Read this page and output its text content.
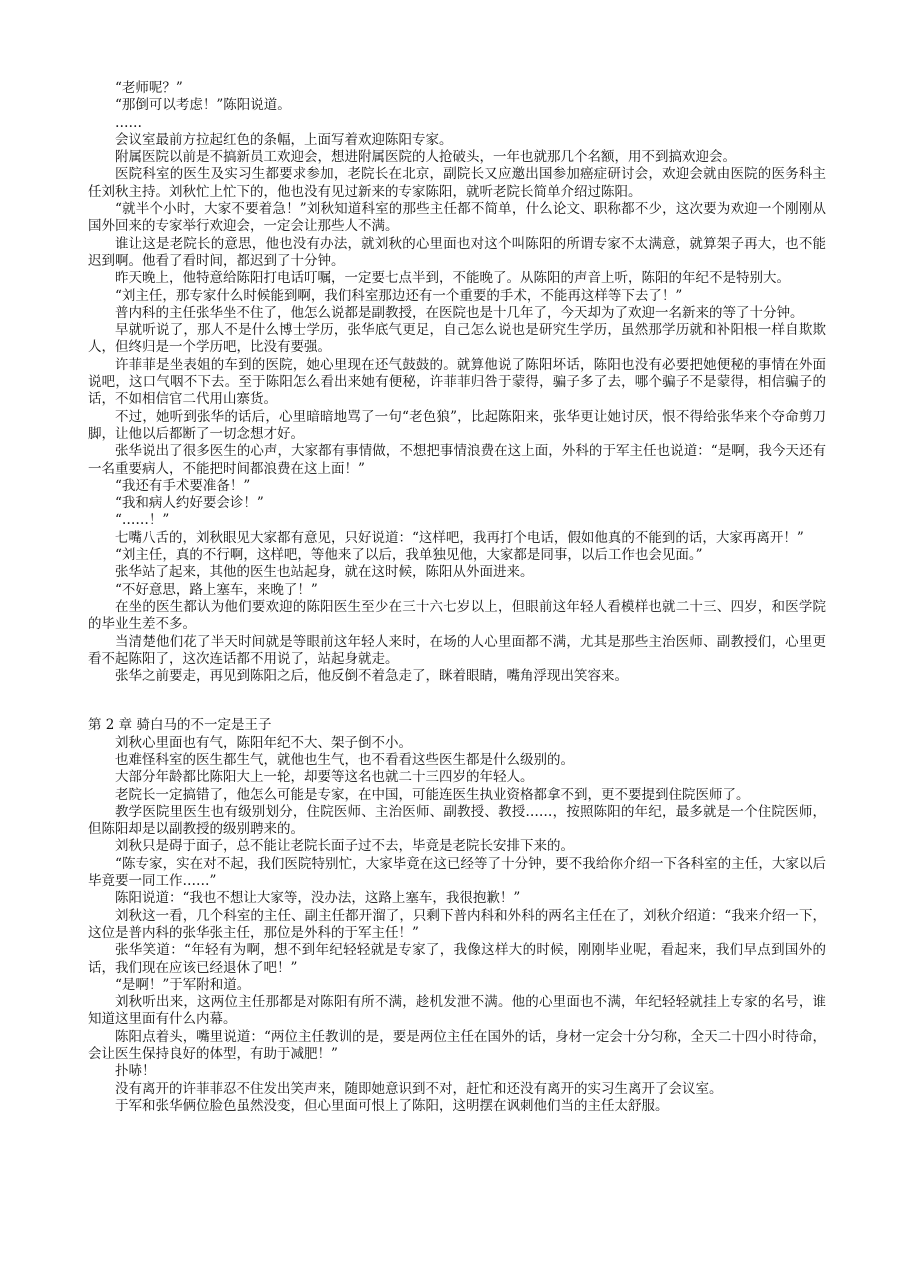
“老师呢？”
“那倒可以考虑！”陈阳说道。
……
会议室最前方拉起红色的条幅，上面写着欢迎陈阳专家。
附属医院以前是不搞新员工欢迎会，想进附属医院的人抢破头，一年也就那几个名额，用不到搞欢迎会。
医院科室的医生及实习生都要求参加，老院长在北京，副院长又应邀出国参加癌症研讨会，欢迎会就由医院的医务科主任刘秋主持。刘秋忙上忙下的，他也没有见过新来的专家陈阳，就听老院长简单介绍过陈阳。
“就半个小时，大家不要着急！”刘秋知道科室的那些主任都不简单，什么论文、职称都不少，这次要为欢迎一个刚刚从国外回来的专家举行欢迎会，一定会让那些人不满。
谁让这是老院长的意思，他也没有办法，就刘秋的心里面也对这个叫陈阳的所谓专家不太满意，就算架子再大，也不能迟到啊。他看了看时间，都迟到了十分钟。
昨天晚上，他特意给陈阳打电话叮嘱，一定要七点半到，不能晚了。从陈阳的声音上听，陈阳的年纪不是特别大。
“刘主任，那专家什么时候能到啊，我们科室那边还有一个重要的手术，不能再这样等下去了！”
普内科的主任张华坐不住了，他怎么说都是副教授，在医院也是十几年了，今天却为了欢迎一名新来的等了十分钟。
早就听说了，那人不是什么博士学历，张华底气更足，自己怎么说也是研究生学历，虽然那学历就和补阳根一样自欺欺人，但终归是一个学历吧，比没有要强。
许菲菲是坐表姐的车到的医院，她心里现在还气鼓鼓的。就算他说了陈阳坏话，陈阳也没有必要把她便秘的事情在外面说吧，这口气咽不下去。至于陈阳怎么看出来她有便秘，许菲菲归咎于蒙得，骗子多了去，哪个骗子不是蒙得，相信骗子的话，不如相信官二代用山寨货。
不过，她听到张华的话后，心里暗暗地骂了一句“老色狼”，比起陈阳来，张华更让她讨厌，恨不得给张华来个夺命剪刀脚，让他以后都断了一切念想才好。
张华说出了很多医生的心声，大家都有事情做，不想把事情浪费在这上面，外科的于军主任也说道：“是啊，我今天还有一名重要病人，不能把时间都浪费在这上面！”
“我还有手术要准备！”
“我和病人约好要会诊！”
“……！”
七嘴八舌的，刘秋眼见大家都有意见，只好说道：“这样吧，我再打个电话，假如他真的不能到的话，大家再离开！”
“刘主任，真的不行啊，这样吧，等他来了以后，我单独见他，大家都是同事，以后工作也会见面。”
张华站了起来，其他的医生也站起身，就在这时候，陈阳从外面进来。
“不好意思，路上塞车，来晚了！”
在坐的医生都认为他们要欢迎的陈阳医生至少在三十六七岁以上，但眼前这年轻人看模样也就二十三、四岁，和医学院的毕业生差不多。
当清楚他们花了半天时间就是等眼前这年轻人来时，在场的人心里面都不满，尤其是那些主治医师、副教授们，心里更看不起陈阳了，这次连话都不用说了，站起身就走。
张华之前要走，再见到陈阳之后，他反倒不着急走了，眯着眼睛，嘴角浮现出笑容来。
第 2 章 骑白马的不一定是王子
刘秋心里面也有气，陈阳年纪不大、架子倒不小。
也难怪科室的医生都生气，就他也生气，也不看看这些医生都是什么级别的。
大部分年龄都比陈阳大上一轮，却要等这名也就二十三四岁的年轻人。
老院长一定搞错了，他怎么可能是专家，在中国，可能连医生执业资格都拿不到，更不要提到住院医师了。
教学医院里医生也有级别划分，住院医师、主治医师、副教授、教授……，按照陈阳的年纪，最多就是一个住院医师，但陈阳却是以副教授的级别聘来的。
刘秋只是碍于面子，总不能让老院长面子过不去，毕竟是老院长安排下来的。
“陈专家，实在对不起，我们医院特别忙，大家毕竟在这已经等了十分钟，要不我给你介绍一下各科室的主任，大家以后毕竟要一同工作……”
陈阳说道：“我也不想让大家等，没办法，这路上塞车，我很抱歉！”
刘秋这一看，几个科室的主任、副主任都开溜了，只剩下普内科和外科的两名主任在了，刘秋介绍道：“我来介绍一下，这位是普内科的张华张主任，那位是外科的于军主任！”
张华笑道：“年轻有为啊，想不到年纪轻轻就是专家了，我像这样大的时候，刚刚毕业呢，看起来，我们早点到国外的话，我们现在应该已经退休了吧！”
“是啊！”于军附和道。
刘秋听出来，这两位主任那都是对陈阳有所不满，趁机发泄不满。他的心里面也不满，年纪轻轻就挂上专家的名号，谁知道这里面有什么内幕。
陈阳点着头，嘴里说道：“两位主任教训的是，要是两位主任在国外的话，身材一定会十分匀称，全天二十四小时待命，会让医生保持良好的体型，有助于减肥！”
扑哧！
没有离开的许菲菲忍不住发出笑声来，随即她意识到不对，赶忙和还没有离开的实习生离开了会议室。
于军和张华俩位脸色虽然没变，但心里面可恨上了陈阳，这明摆在讽刺他们当的主任太舒服。
